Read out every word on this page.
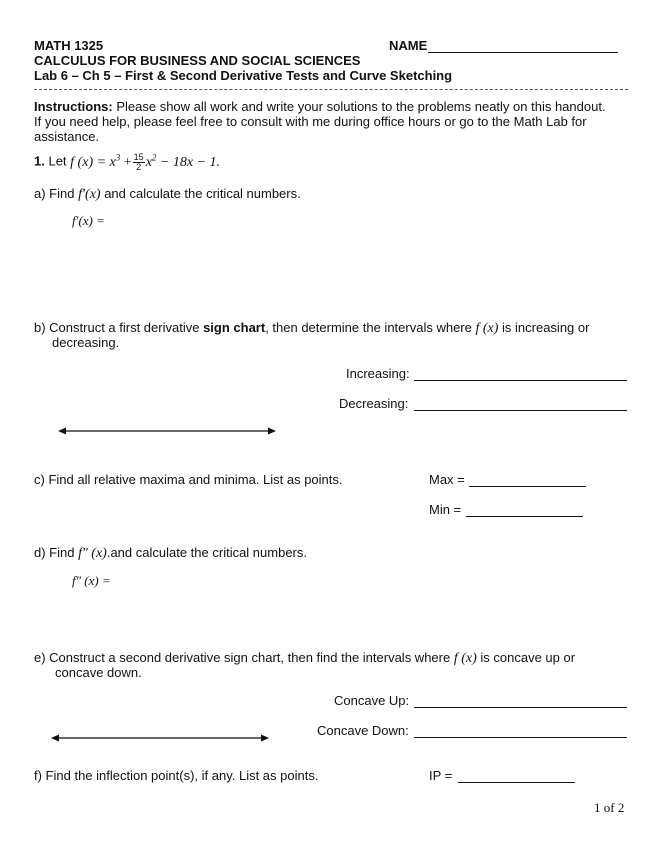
MATH 1325	NAME
CALCULUS FOR BUSINESS AND SOCIAL SCIENCES
Lab 6 – Ch 5 – First & Second Derivative Tests and Curve Sketching
Instructions: Please show all work and write your solutions to the problems neatly on this handout.
If you need help, please feel free to consult with me during office hours or go to the Math Lab for
assistance.
1. Let f $(x) = x^3 + \frac{15}{2} x^2 - 18x - 1$.
a) Find f′(x) and calculate the critical numbers.
f′(x) =
b) Construct a first derivative sign chart, then determine the intervals where f (x) is increasing or
decreasing.
Increasing:
Decreasing:
c) Find all relative maxima and minima. List as points.	Max =
Min =
d) Find f″ (x).and calculate the critical numbers.
f″ (x) =
e) Construct a second derivative sign chart, then find the intervals where f (x) is concave up or
concave down.
Concave Up:
Concave Down:
f) Find the inflection point(s), if any. List as points.	IP =
1 of 2
